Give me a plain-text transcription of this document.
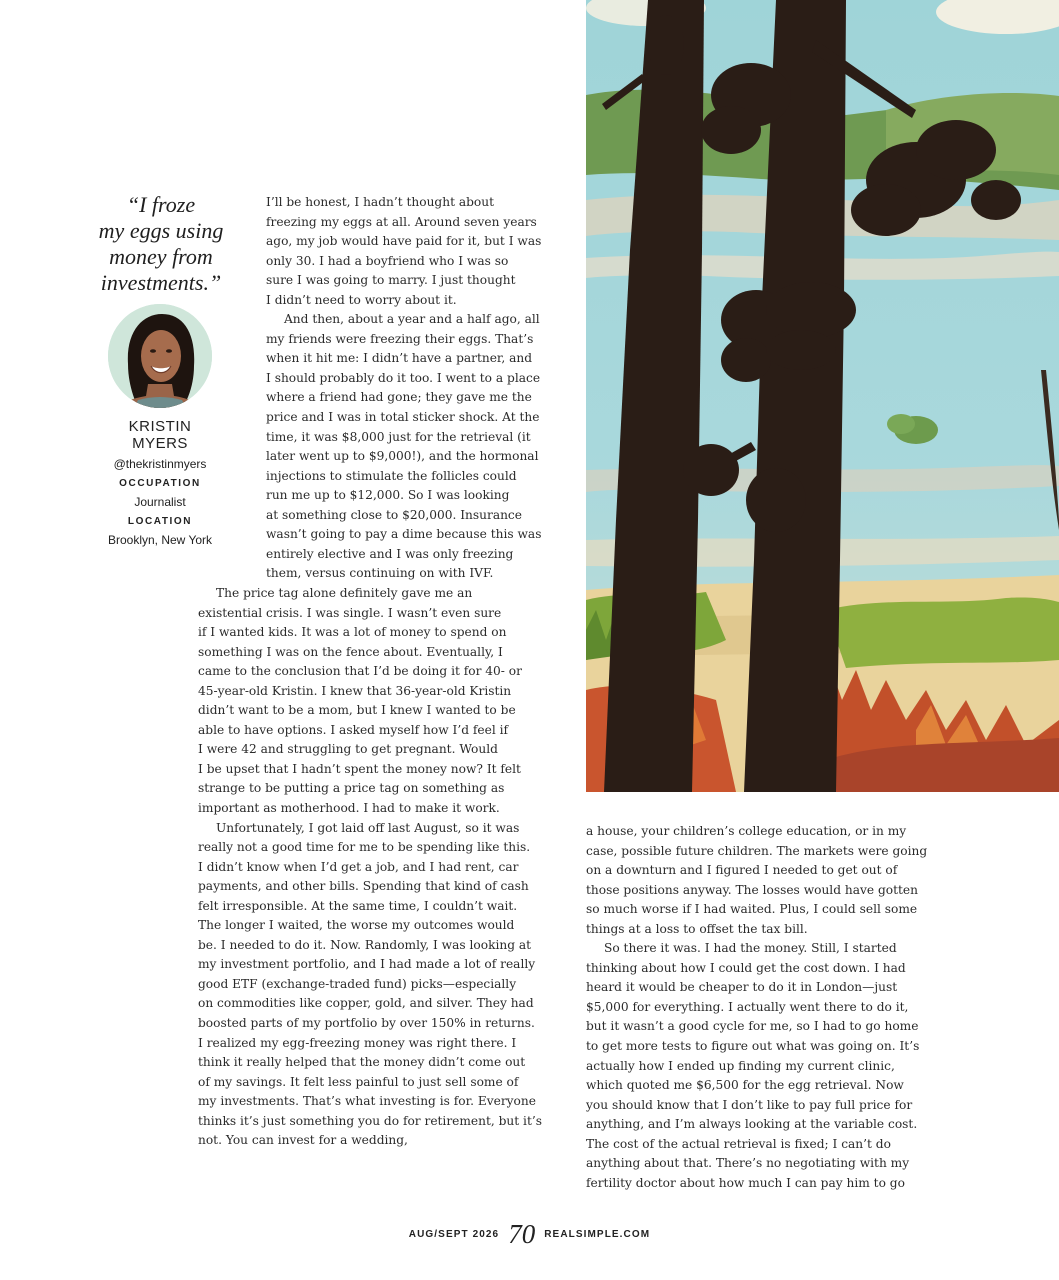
“I froze
my eggs using
money from
investments.”
KRISTIN
MYERS
@thekristinmyers
OCCUPATION
Journalist
LOCATION
Brooklyn, New York
I’ll be honest, I hadn’t thought about
freezing my eggs at all. Around seven years
ago, my job would have paid for it, but I was
only 30. I had a boyfriend who I was so
sure I was going to marry. I just thought
I didn’t need to worry about it.
And then, about a year and a half ago, all
my friends were freezing their eggs. That’s
when it hit me: I didn’t have a partner, and
I should probably do it too. I went to a place
where a friend had gone; they gave me the
price and I was in total sticker shock. At the
time, it was $8,000 just for the retrieval (it
later went up to $9,000!), and the hormonal
injections to stimulate the follicles could
run me up to $12,000. So I was looking
at something close to $20,000. Insurance
wasn’t going to pay a dime because this was
entirely elective and I was only freezing
them, versus continuing on with IVF.
The price tag alone definitely gave me an
existential crisis. I was single. I wasn’t even sure
if I wanted kids. It was a lot of money to spend on
something I was on the fence about. Eventually, I
came to the conclusion that I’d be doing it for 40- or
45-year-old Kristin. I knew that 36-year-old Kristin
didn’t want to be a mom, but I knew I wanted to be
able to have options. I asked myself how I’d feel if
I were 42 and struggling to get pregnant. Would
I be upset that I hadn’t spent the money now? It felt
strange to be putting a price tag on something as
important as motherhood. I had to make it work.
Unfortunately, I got laid off last August, so it was
really not a good time for me to be spending like this.
I didn’t know when I’d get a job, and I had rent, car
payments, and other bills. Spending that kind of cash
felt irresponsible. At the same time, I couldn’t wait.
The longer I waited, the worse my outcomes would
be. I needed to do it. Now. Randomly, I was looking at
my investment portfolio, and I had made a lot of really
good ETF (exchange-traded fund) picks—especially
on commodities like copper, gold, and silver. They had
boosted parts of my portfolio by over 150% in returns.
I realized my egg-freezing money was right there. I
think it really helped that the money didn’t come out
of my savings. It felt less painful to just sell some of
my investments. That’s what investing is for. Everyone
thinks it’s just something you do for retirement, but it’s
not. You can invest for a wedding,
a house, your children’s college education, or in my
case, possible future children. The markets were going
on a downturn and I figured I needed to get out of
those positions anyway. The losses would have gotten
so much worse if I had waited. Plus, I could sell some
things at a loss to offset the tax bill.
So there it was. I had the money. Still, I started
thinking about how I could get the cost down. I had
heard it would be cheaper to do it in London—just
$5,000 for everything. I actually went there to do it,
but it wasn’t a good cycle for me, so I had to go home
to get more tests to figure out what was going on. It’s
actually how I ended up finding my current clinic,
which quoted me $6,500 for the egg retrieval. Now
you should know that I don’t like to pay full price for
anything, and I’m always looking at the variable cost.
The cost of the actual retrieval is fixed; I can’t do
anything about that. There’s no negotiating with my
fertility doctor about how much I can pay him to go
AUG/SEPT 2026 70 REALSIMPLE.COM
